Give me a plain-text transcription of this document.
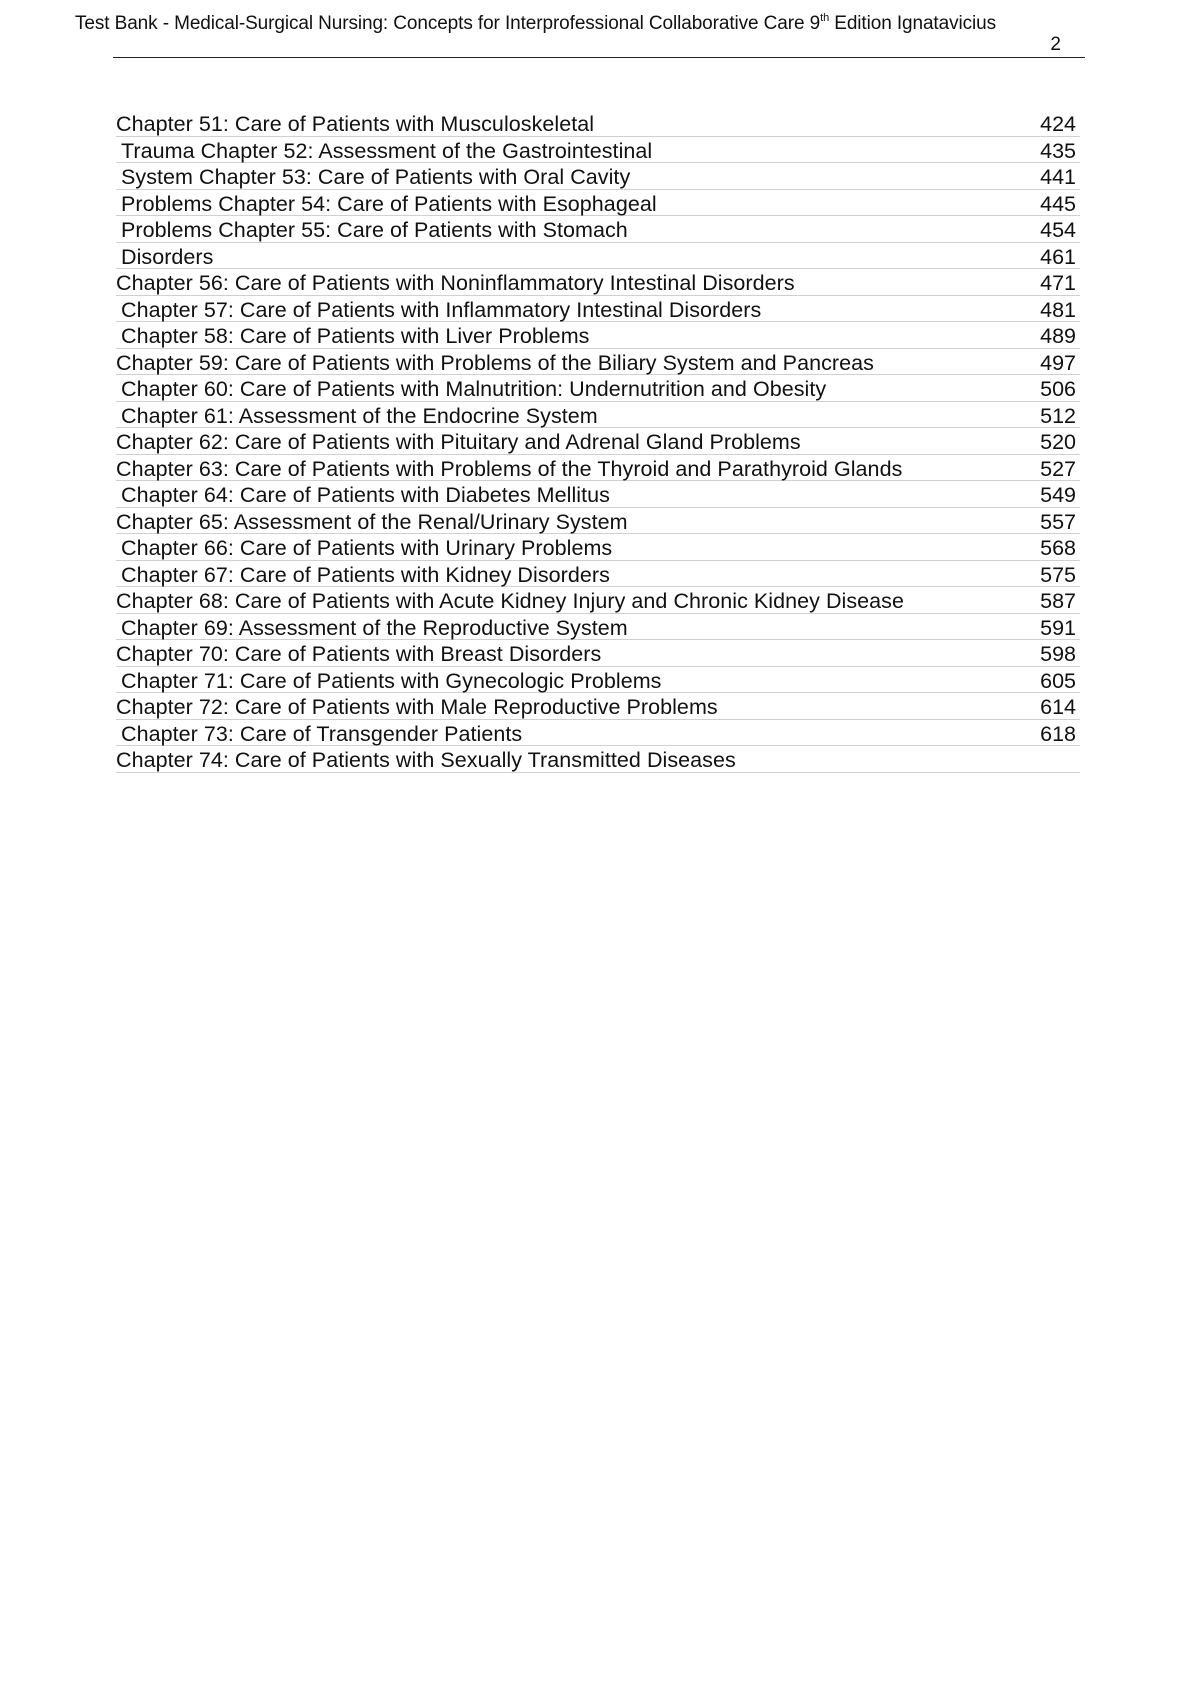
Test Bank - Medical-Surgical Nursing: Concepts for Interprofessional Collaborative Care 9th Edition Ignatavicius
2
Chapter 51: Care of Patients with Musculoskeletal	424
Trauma Chapter 52: Assessment of the Gastrointestinal	435
System Chapter 53: Care of Patients with Oral Cavity	441
Problems Chapter 54: Care of Patients with Esophageal	445
Problems Chapter 55: Care of Patients with Stomach	454
Disorders	461
Chapter 56: Care of Patients with Noninflammatory Intestinal Disorders	471
Chapter 57: Care of Patients with Inflammatory Intestinal Disorders	481
Chapter 58: Care of Patients with Liver Problems	489
Chapter 59: Care of Patients with Problems of the Biliary System and Pancreas	497
Chapter 60: Care of Patients with Malnutrition: Undernutrition and Obesity	506
Chapter 61: Assessment of the Endocrine System	512
Chapter 62: Care of Patients with Pituitary and Adrenal Gland Problems	520
Chapter 63: Care of Patients with Problems of the Thyroid and Parathyroid Glands	527
Chapter 64: Care of Patients with Diabetes Mellitus	549
Chapter 65: Assessment of the Renal/Urinary System	557
Chapter 66: Care of Patients with Urinary Problems	568
Chapter 67: Care of Patients with Kidney Disorders	575
Chapter 68: Care of Patients with Acute Kidney Injury and Chronic Kidney Disease	587
Chapter 69: Assessment of the Reproductive System	591
Chapter 70: Care of Patients with Breast Disorders	598
Chapter 71: Care of Patients with Gynecologic Problems	605
Chapter 72: Care of Patients with Male Reproductive Problems	614
Chapter 73: Care of Transgender Patients	618
Chapter 74: Care of Patients with Sexually Transmitted Diseases
